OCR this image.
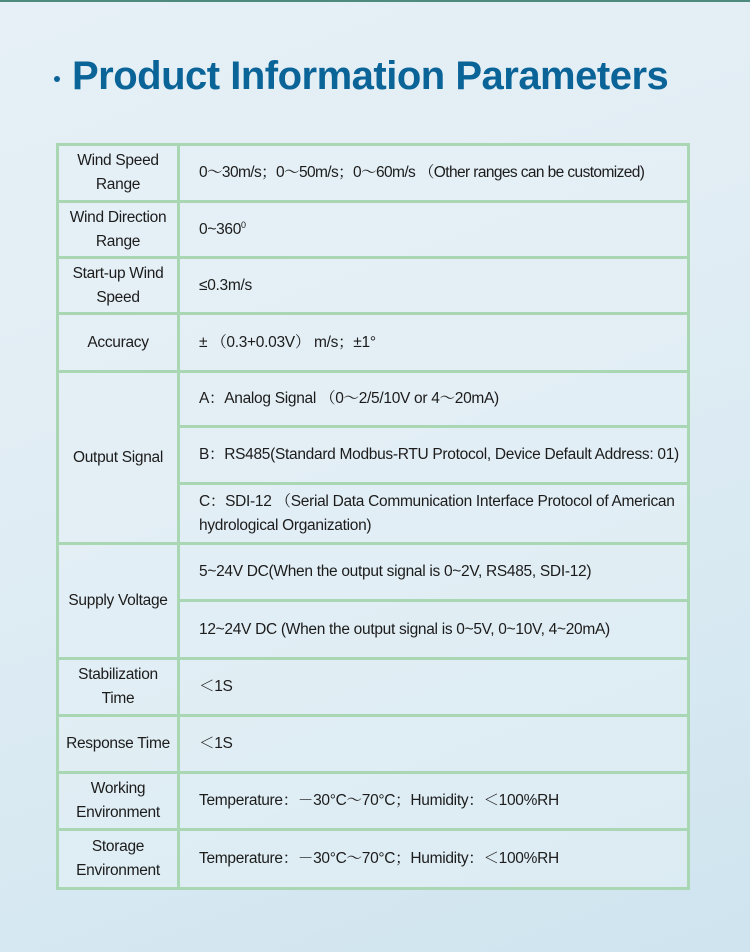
Product Information Parameters
Wind Speed Range	0～30m/s；0～50m/s；0～60m/s （Other ranges can be customized)
Wind Direction Range	$0\sim 360^0$
Start-up Wind Speed	≤0.3m/s
Accuracy	± （0.3+0.03V） m/s；±1°
Output Signal	A：Analog Signal （0～2/5/10V or 4～20mA)
	B：RS485(Standard Modbus-RTU Protocol, Device Default Address: 01)
	C：SDI-12 （Serial Data Communication Interface Protocol of American hydrological Organization)
Supply Voltage	5~24V DC(When the output signal is 0~2V, RS485, SDI-12)
	12~24V DC (When the output signal is 0~5V, 0~10V, 4~20mA)
Stabilization Time	＜1S
Response Time	＜1S
Working Environment	Temperature：－30°C～70°C；Humidity：＜100%RH
Storage Environment	Temperature：－30°C～70°C；Humidity：＜100%RH
